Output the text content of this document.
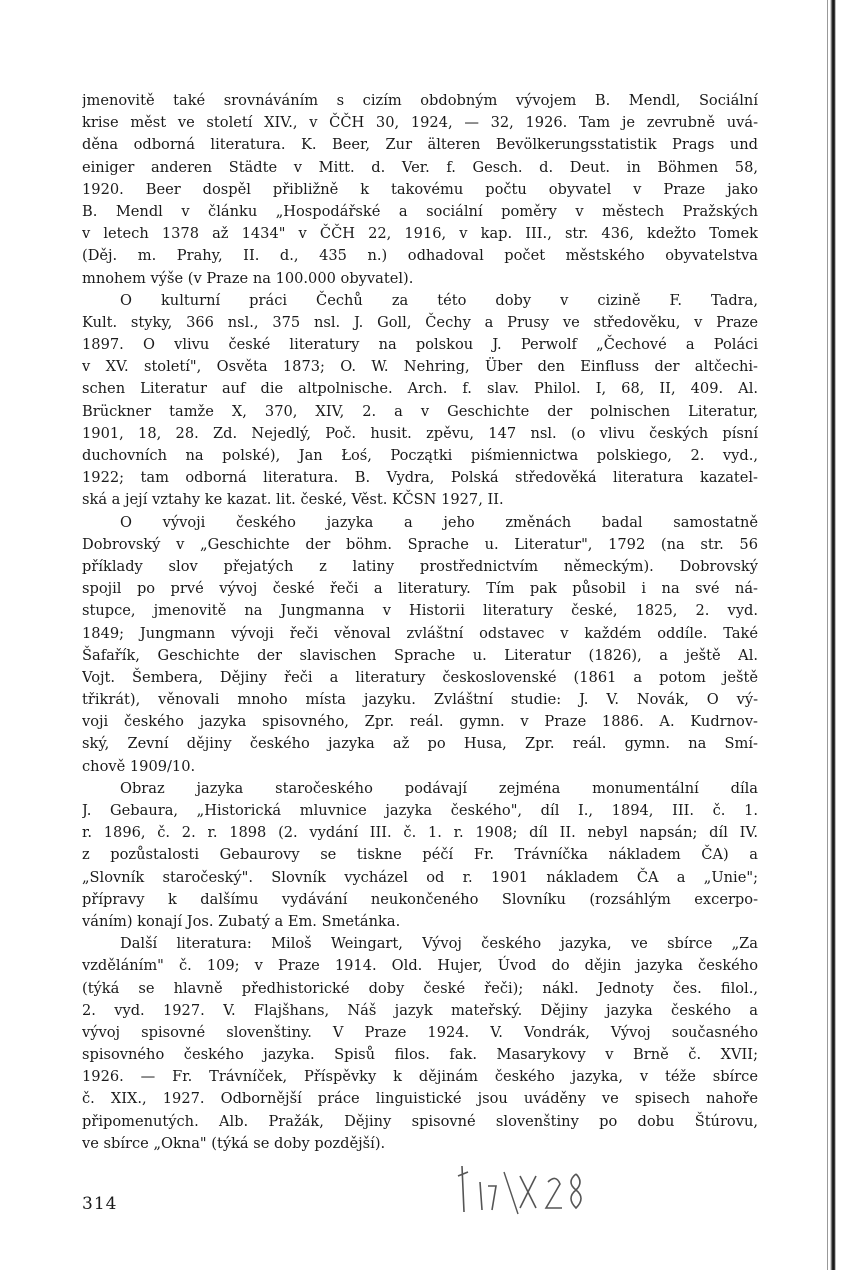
jmenovitě také srovnáváním s cizím obdobným vývojem B. Mendl, Sociální
krise měst ve století XIV., v ČČH 30, 1924, — 32, 1926. Tam je zevrubně uvá-
děna odborná literatura. K. Beer, Zur älteren Bevölkerungsstatistik Prags und
einiger anderen Städte v Mitt. d. Ver. f. Gesch. d. Deut. in Böhmen 58,
1920. Beer dospěl přibližně k takovému počtu obyvatel v Praze jako
B. Mendl v článku „Hospodářské a sociální poměry v městech Pražských
v letech 1378 až 1434" v ČČH 22, 1916, v kap. III., str. 436, kdežto Tomek
(Děj. m. Prahy, II. d., 435 n.) odhadoval počet městského obyvatelstva
mnohem výše (v Praze na 100.000 obyvatel).
O kulturní práci Čechů za této doby v cizině F. Tadra,
Kult. styky, 366 nsl., 375 nsl. J. Goll, Čechy a Prusy ve středověku, v Praze
1897. O vlivu české literatury na polskou J. Perwolf „Čechové a Poláci
v XV. století", Osvěta 1873; O. W. Nehring, Über den Einfluss der altčechi-
schen Literatur auf die altpolnische. Arch. f. slav. Philol. I, 68, II, 409. Al.
Brückner tamže X, 370, XIV, 2. a v Geschichte der polnischen Literatur,
1901, 18, 28. Zd. Nejedlý, Poč. husit. zpěvu, 147 nsl. (o vlivu českých písní
duchovních na polské), Jan Łoś, Początki piśmiennictwa polskiego, 2. vyd.,
1922; tam odborná literatura. B. Vydra, Polská středověká literatura kazatel-
ská a její vztahy ke kazat. lit. české, Věst. KČSN 1927, II.
O vývoji českého jazyka a jeho změnách badal samostatně
Dobrovský v „Geschichte der böhm. Sprache u. Literatur", 1792 (na str. 56
příklady slov přejatých z latiny prostřednictvím německým). Dobrovský
spojil po prvé vývoj české řeči a literatury. Tím pak působil i na své ná-
stupce, jmenovitě na Jungmanna v Historii literatury české, 1825, 2. vyd.
1849; Jungmann vývoji řeči věnoval zvláštní odstavec v každém oddíle. Také
Šafařík, Geschichte der slavischen Sprache u. Literatur (1826), a ještě Al.
Vojt. Šembera, Dějiny řeči a literatury československé (1861 a potom ještě
třikrát), věnovali mnoho místa jazyku. Zvláštní studie: J. V. Novák, O vý-
voji českého jazyka spisovného, Zpr. reál. gymn. v Praze 1886. A. Kudrnov-
ský, Zevní dějiny českého jazyka až po Husa, Zpr. reál. gymn. na Smí-
chově 1909/10.
Obraz jazyka staročeského podávají zejména monumentální díla
J. Gebaura, „Historická mluvnice jazyka českého", díl I., 1894, III. č. 1.
r. 1896, č. 2. r. 1898 (2. vydání III. č. 1. r. 1908; díl II. nebyl napsán; díl IV.
z pozůstalosti Gebaurovy se tiskne péčí Fr. Trávníčka nákladem ČA) a
„Slovník staročeský". Slovník vycházel od r. 1901 nákladem ČA a „Unie";
přípravy k dalšímu vydávání neukončeného Slovníku (rozsáhlým excerpo-
váním) konají Jos. Zubatý a Em. Smetánka.
Další literatura: Miloš Weingart, Vývoj českého jazyka, ve sbírce „Za
vzděláním" č. 109; v Praze 1914. Old. Hujer, Úvod do dějin jazyka českého
(týká se hlavně předhistorické doby české řeči); nákl. Jednoty čes. filol.,
2. vyd. 1927. V. Flajšhans, Náš jazyk mateřský. Dějiny jazyka českého a
vývoj spisovné slovenštiny. V Praze 1924. V. Vondrák, Vývoj současného
spisovného českého jazyka. Spisů filos. fak. Masarykovy v Brně č. XVII;
1926. — Fr. Trávníček, Příspěvky k dějinám českého jazyka, v téže sbírce
č. XIX., 1927. Odbornější práce linguistické jsou uváděny ve spisech nahoře
připomenutých. Alb. Pražák, Dějiny spisovné slovenštiny po dobu Štúrovu,
ve sbírce „Okna" (týká se doby pozdější).
314
